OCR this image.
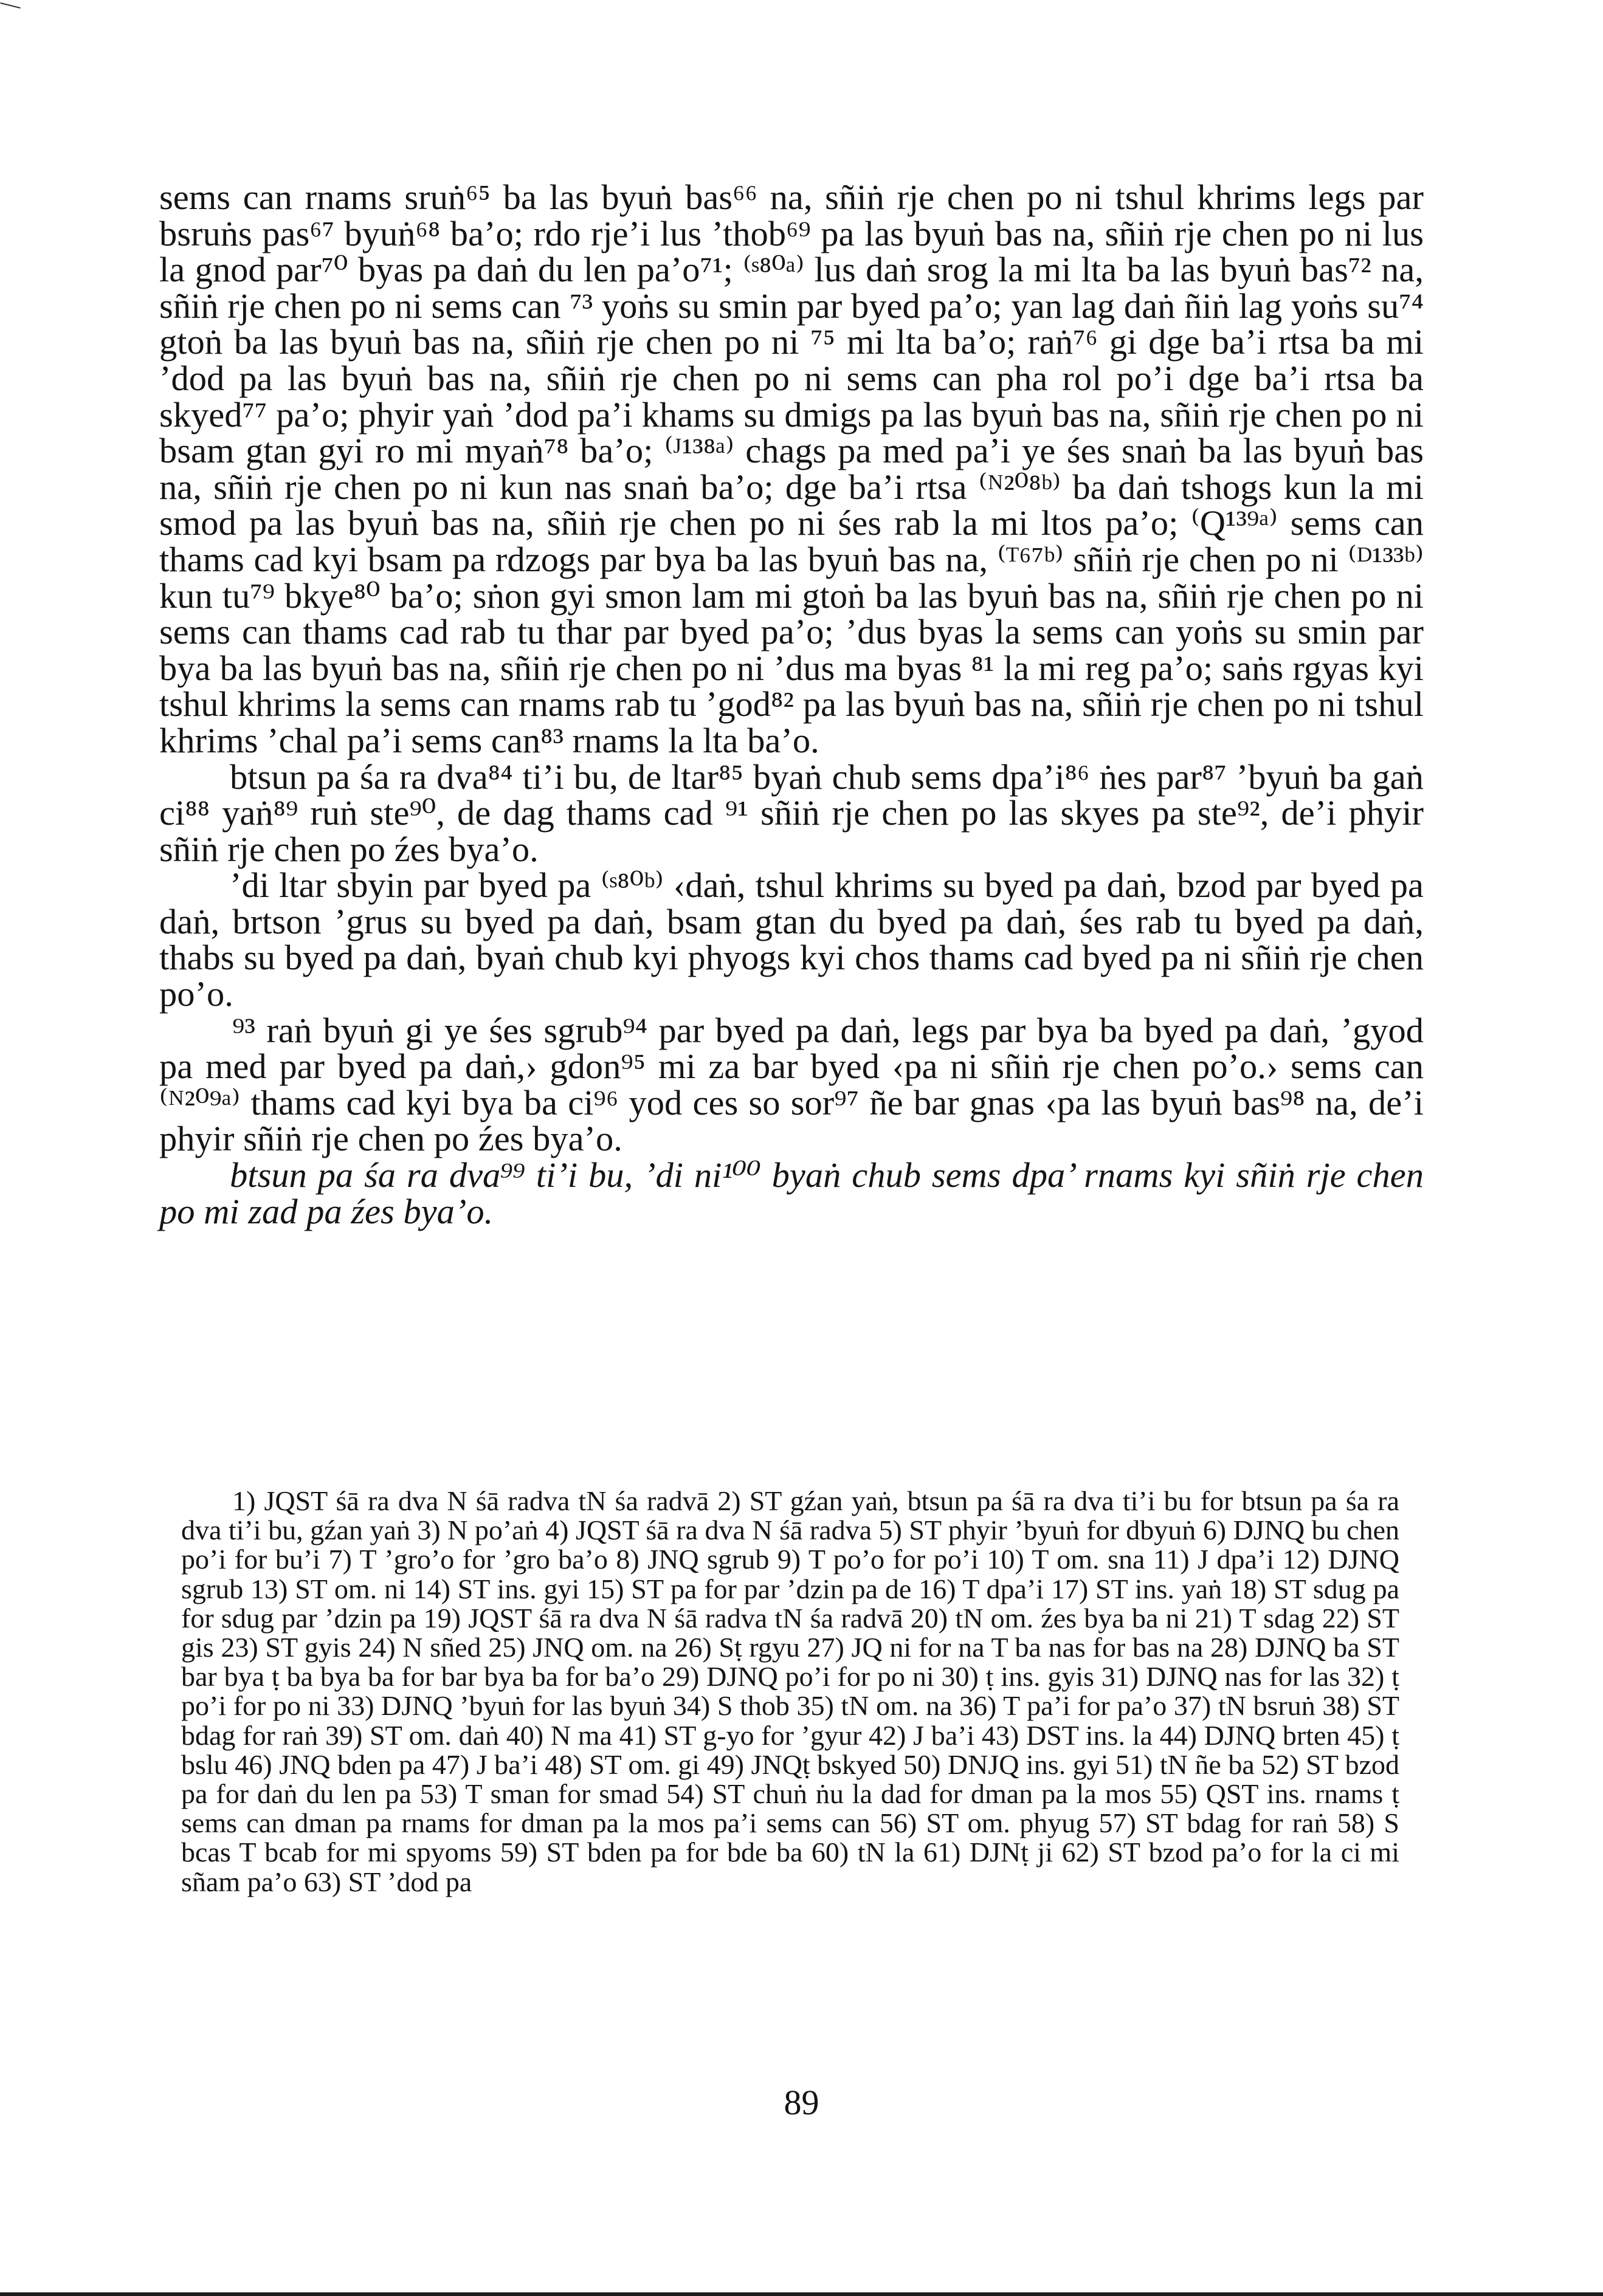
sems can rnams sruṅ⁶⁵ ba las byuṅ bas⁶⁶ na, sñiṅ rje chen po ni tshul khrims legs par bsruṅs pas⁶⁷ byuṅ⁶⁸ ba’o; rdo rje’i lus ’thob⁶⁹ pa las byuṅ bas na, sñiṅ rje chen po ni lus la gnod par⁷⁰ byas pa daṅ du len pa’o⁷¹; ⁽ˢ⁸⁰ᵃ⁾ lus daṅ srog la mi lta ba las byuṅ bas⁷² na, sñiṅ rje chen po ni sems can ⁷³ yoṅs su smin par byed pa’o; yan lag daṅ ñiṅ lag yoṅs su⁷⁴ gtoṅ ba las byuṅ bas na, sñiṅ rje chen po ni ⁷⁵ mi lta ba’o; raṅ⁷⁶ gi dge ba’i rtsa ba mi ’dod pa las byuṅ bas na, sñiṅ rje chen po ni sems can pha rol po’i dge ba’i rtsa ba skyed⁷⁷ pa’o; phyir yaṅ ’dod pa’i khams su dmigs pa las byuṅ bas na, sñiṅ rje chen po ni bsam gtan gyi ro mi myaṅ⁷⁸ ba’o; ⁽ᴶ¹³⁸ᵃ⁾ chags pa med pa’i ye śes snaṅ ba las byuṅ bas na, sñiṅ rje chen po ni kun nas snaṅ ba’o; dge ba’i rtsa ⁽ᴺ²⁰⁸ᵇ⁾ ba daṅ tshogs kun la mi smod pa las byuṅ bas na, sñiṅ rje chen po ni śes rab la mi ltos pa’o; ⁽Q¹³⁹ᵃ⁾ sems can thams cad kyi bsam pa rdzogs par bya ba las byuṅ bas na, ⁽ᵀ⁶⁷ᵇ⁾ sñiṅ rje chen po ni ⁽ᴰ¹³³ᵇ⁾ kun tu⁷⁹ bkye⁸⁰ ba’o; sṅon gyi smon lam mi gtoṅ ba las byuṅ bas na, sñiṅ rje chen po ni sems can thams cad rab tu thar par byed pa’o; ’dus byas la sems can yoṅs su smin par bya ba las byuṅ bas na, sñiṅ rje chen po ni ’dus ma byas ⁸¹ la mi reg pa’o; saṅs rgyas kyi tshul khrims la sems can rnams rab tu ’god⁸² pa las byuṅ bas na, sñiṅ rje chen po ni tshul khrims ’chal pa’i sems can⁸³ rnams la lta ba’o.

btsun pa śa ra dva⁸⁴ ti’i bu, de ltar⁸⁵ byaṅ chub sems dpa’i⁸⁶ ṅes par⁸⁷ ’byuṅ ba gaṅ ci⁸⁸ yaṅ⁸⁹ ruṅ ste⁹⁰, de dag thams cad ⁹¹ sñiṅ rje chen po las skyes pa ste⁹², de’i phyir sñiṅ rje chen po źes bya’o.

’di ltar sbyin par byed pa ⁽ˢ⁸⁰ᵇ⁾ ‹daṅ, tshul khrims su byed pa daṅ, bzod par byed pa daṅ, brtson ’grus su byed pa daṅ, bsam gtan du byed pa daṅ, śes rab tu byed pa daṅ, thabs su byed pa daṅ, byaṅ chub kyi phyogs kyi chos thams cad byed pa ni sñiṅ rje chen po’o.

⁹³ raṅ byuṅ gi ye śes sgrub⁹⁴ par byed pa daṅ, legs par bya ba byed pa daṅ, ’gyod pa med par byed pa daṅ,› gdon⁹⁵ mi za bar byed ‹pa ni sñiṅ rje chen po’o.› sems can ⁽ᴺ²⁰⁹ᵃ⁾ thams cad kyi bya ba ci⁹⁶ yod ces so sor⁹⁷ ñe bar gnas ‹pa las byuṅ bas⁹⁸ na, de’i phyir sñiṅ rje chen po źes bya’o.

btsun pa śa ra dva⁹⁹ ti’i bu, ’di ni¹⁰⁰ byaṅ chub sems dpa’ rnams kyi sñiṅ rje chen po mi zad pa źes bya’o.

1) JQST śā ra dva N śā radva tN śa radvā 2) ST gźan yaṅ, btsun pa śā ra dva ti’i bu for btsun pa śa ra dva ti’i bu, gźan yaṅ 3) N po’aṅ 4) JQST śā ra dva N śā radva 5) ST phyir ’byuṅ for dbyuṅ 6) DJNQ bu chen po’i for bu’i 7) T ’gro’o for ’gro ba’o 8) JNQ sgrub 9) T po’o for po’i 10) T om. sna 11) J dpa’i 12) DJNQ sgrub 13) ST om. ni 14) ST ins. gyi 15) ST pa for par ’dzin pa de 16) T dpa’i 17) ST ins. yaṅ 18) ST sdug pa for sdug par ’dzin pa 19) JQST śā ra dva N śā radva tN śa radvā 20) tN om. źes bya ba ni 21) T sdag 22) ST gis 23) ST gyis 24) N sñed 25) JNQ om. na 26) Sṭ rgyu 27) JQ ni for na T ba nas for bas na 28) DJNQ ba ST bar bya ṭ ba bya ba for bar bya ba for ba’o 29) DJNQ po’i for po ni 30) ṭ ins. gyis 31) DJNQ nas for las 32) ṭ po’i for po ni 33) DJNQ ’byuṅ for las byuṅ 34) S thob 35) tN om. na 36) T pa’i for pa’o 37) tN bsruṅ 38) ST bdag for raṅ 39) ST om. daṅ 40) N ma 41) ST g-yo for ’gyur 42) J ba’i 43) DST ins. la 44) DJNQ brten 45) ṭ bslu 46) JNQ bden pa 47) J ba’i 48) ST om. gi 49) JNQṭ bskyed 50) DNJQ ins. gyi 51) tN ñe ba 52) ST bzod pa for daṅ du len pa 53) T sman for smad 54) ST chuṅ ṅu la dad for dman pa la mos 55) QST ins. rnams ṭ sems can dman pa rnams for dman pa la mos pa’i sems can 56) ST om. phyug 57) ST bdag for raṅ 58) S bcas T bcab for mi spyoms 59) ST bden pa for bde ba 60) tN la 61) DJNṭ ji 62) ST bzod pa’o for la ci mi sñam pa’o 63) ST ’dod pa

89
